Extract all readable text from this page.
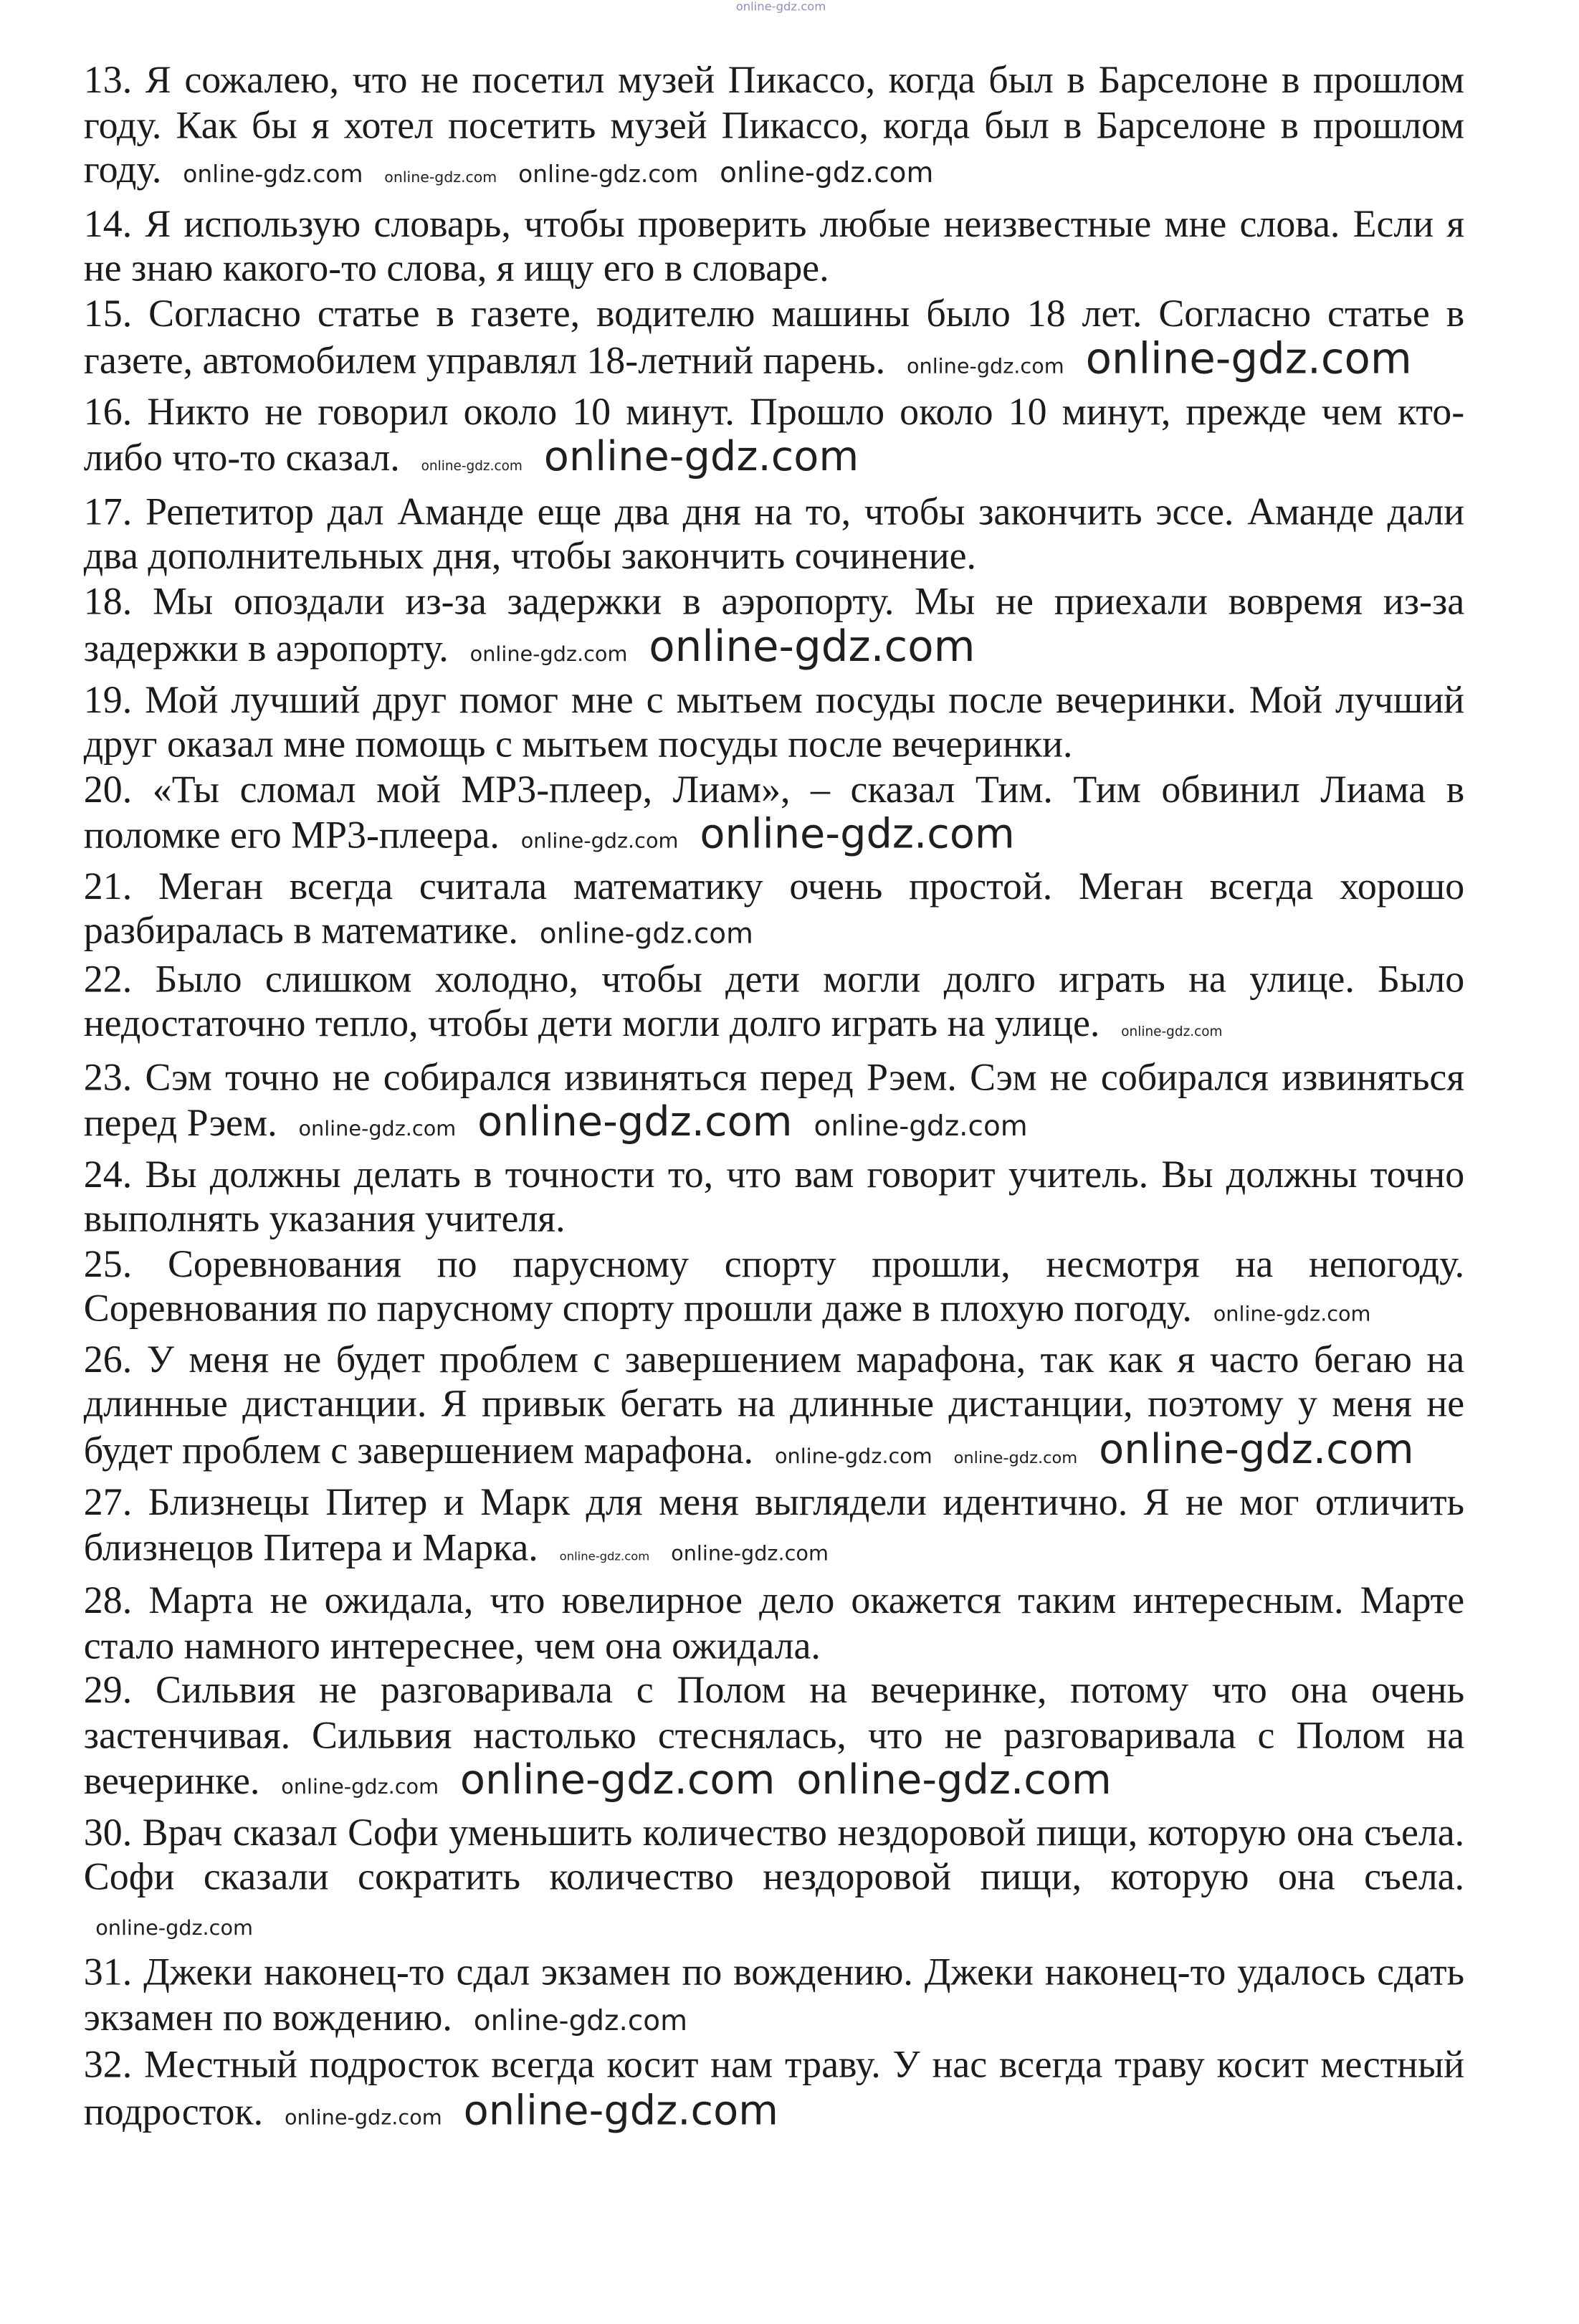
online-gdz.com

13. Я сожалею, что не посетил музей Пикассо, когда был в Барселоне в прошлом году. Как бы я хотел посетить музей Пикассо, когда был в Барселоне в прошлом году. online-gdz.com	online-gdz.com online-gdz.com online-gdz.com

14. Я использую словарь, чтобы проверить любые неизвестные мне слова. Если я не знаю какого-то слова, я ищу его в словаре.

15. Согласно статье в газете, водителю машины было 18 лет. Согласно статье в газете, автомобилем управлял 18-летний парень. online-gdz.com online-gdz.com

16. Никто не говорил около 10 минут. Прошло около 10 минут, прежде чем кто-либо что-то сказал.	online-gdz.com online-gdz.com

17. Репетитор дал Аманде еще два дня на то, чтобы закончить эссе. Аманде дали два дополнительных дня, чтобы закончить сочинение.

18. Мы опоздали из-за задержки в аэропорту. Мы не приехали вовремя из-за задержки в аэропорту. online-gdz.com online-gdz.com

19. Мой лучший друг помог мне с мытьем посуды после вечеринки. Мой лучший друг оказал мне помощь с мытьем посуды после вечеринки.

20. «Ты сломал мой MP3-плеер, Лиам», – сказал Тим. Тим обвинил Лиама в поломке его MP3-плеера. online-gdz.com online-gdz.com

21. Меган всегда считала математику очень простой. Меган всегда хорошо разбиралась в математике. online-gdz.com

22. Было слишком холодно, чтобы дети могли долго играть на улице. Было недостаточно тепло, чтобы дети могли долго играть на улице.	online-gdz.com

23. Сэм точно не собирался извиняться перед Рэем. Сэм не собирался извиняться перед Рэем. online-gdz.com online-gdz.com online-gdz.com

24. Вы должны делать в точности то, что вам говорит учитель. Вы должны точно выполнять указания учителя.

25. Соревнования по парусному спорту прошли, несмотря на непогоду. Соревнования по парусному спорту прошли даже в плохую погоду. online-gdz.com

26. У меня не будет проблем с завершением марафона, так как я часто бегаю на длинные дистанции. Я привык бегать на длинные дистанции, поэтому у меня не будет проблем с завершением марафона. online-gdz.com	online-gdz.com online-gdz.com

27. Близнецы Питер и Марк для меня выглядели идентично. Я не мог отличить близнецов Питера и Марка.	online-gdz.com online-gdz.com

28. Марта не ожидала, что ювелирное дело окажется таким интересным. Марте стало намного интереснее, чем она ожидала.

29. Сильвия не разговаривала с Полом на вечеринке, потому что она очень застенчивая. Сильвия настолько стеснялась, что не разговаривала с Полом на вечеринке. online-gdz.com online-gdz.com online-gdz.com

30. Врач сказал Софи уменьшить количество нездоровой пищи, которую она съела. Софи сказали сократить количество нездоровой пищи, которую она съела. online-gdz.com

31. Джеки наконец-то сдал экзамен по вождению. Джеки наконец-то удалось сдать экзамен по вождению. online-gdz.com

32. Местный подросток всегда косит нам траву. У нас всегда траву косит местный подросток. online-gdz.com online-gdz.com
